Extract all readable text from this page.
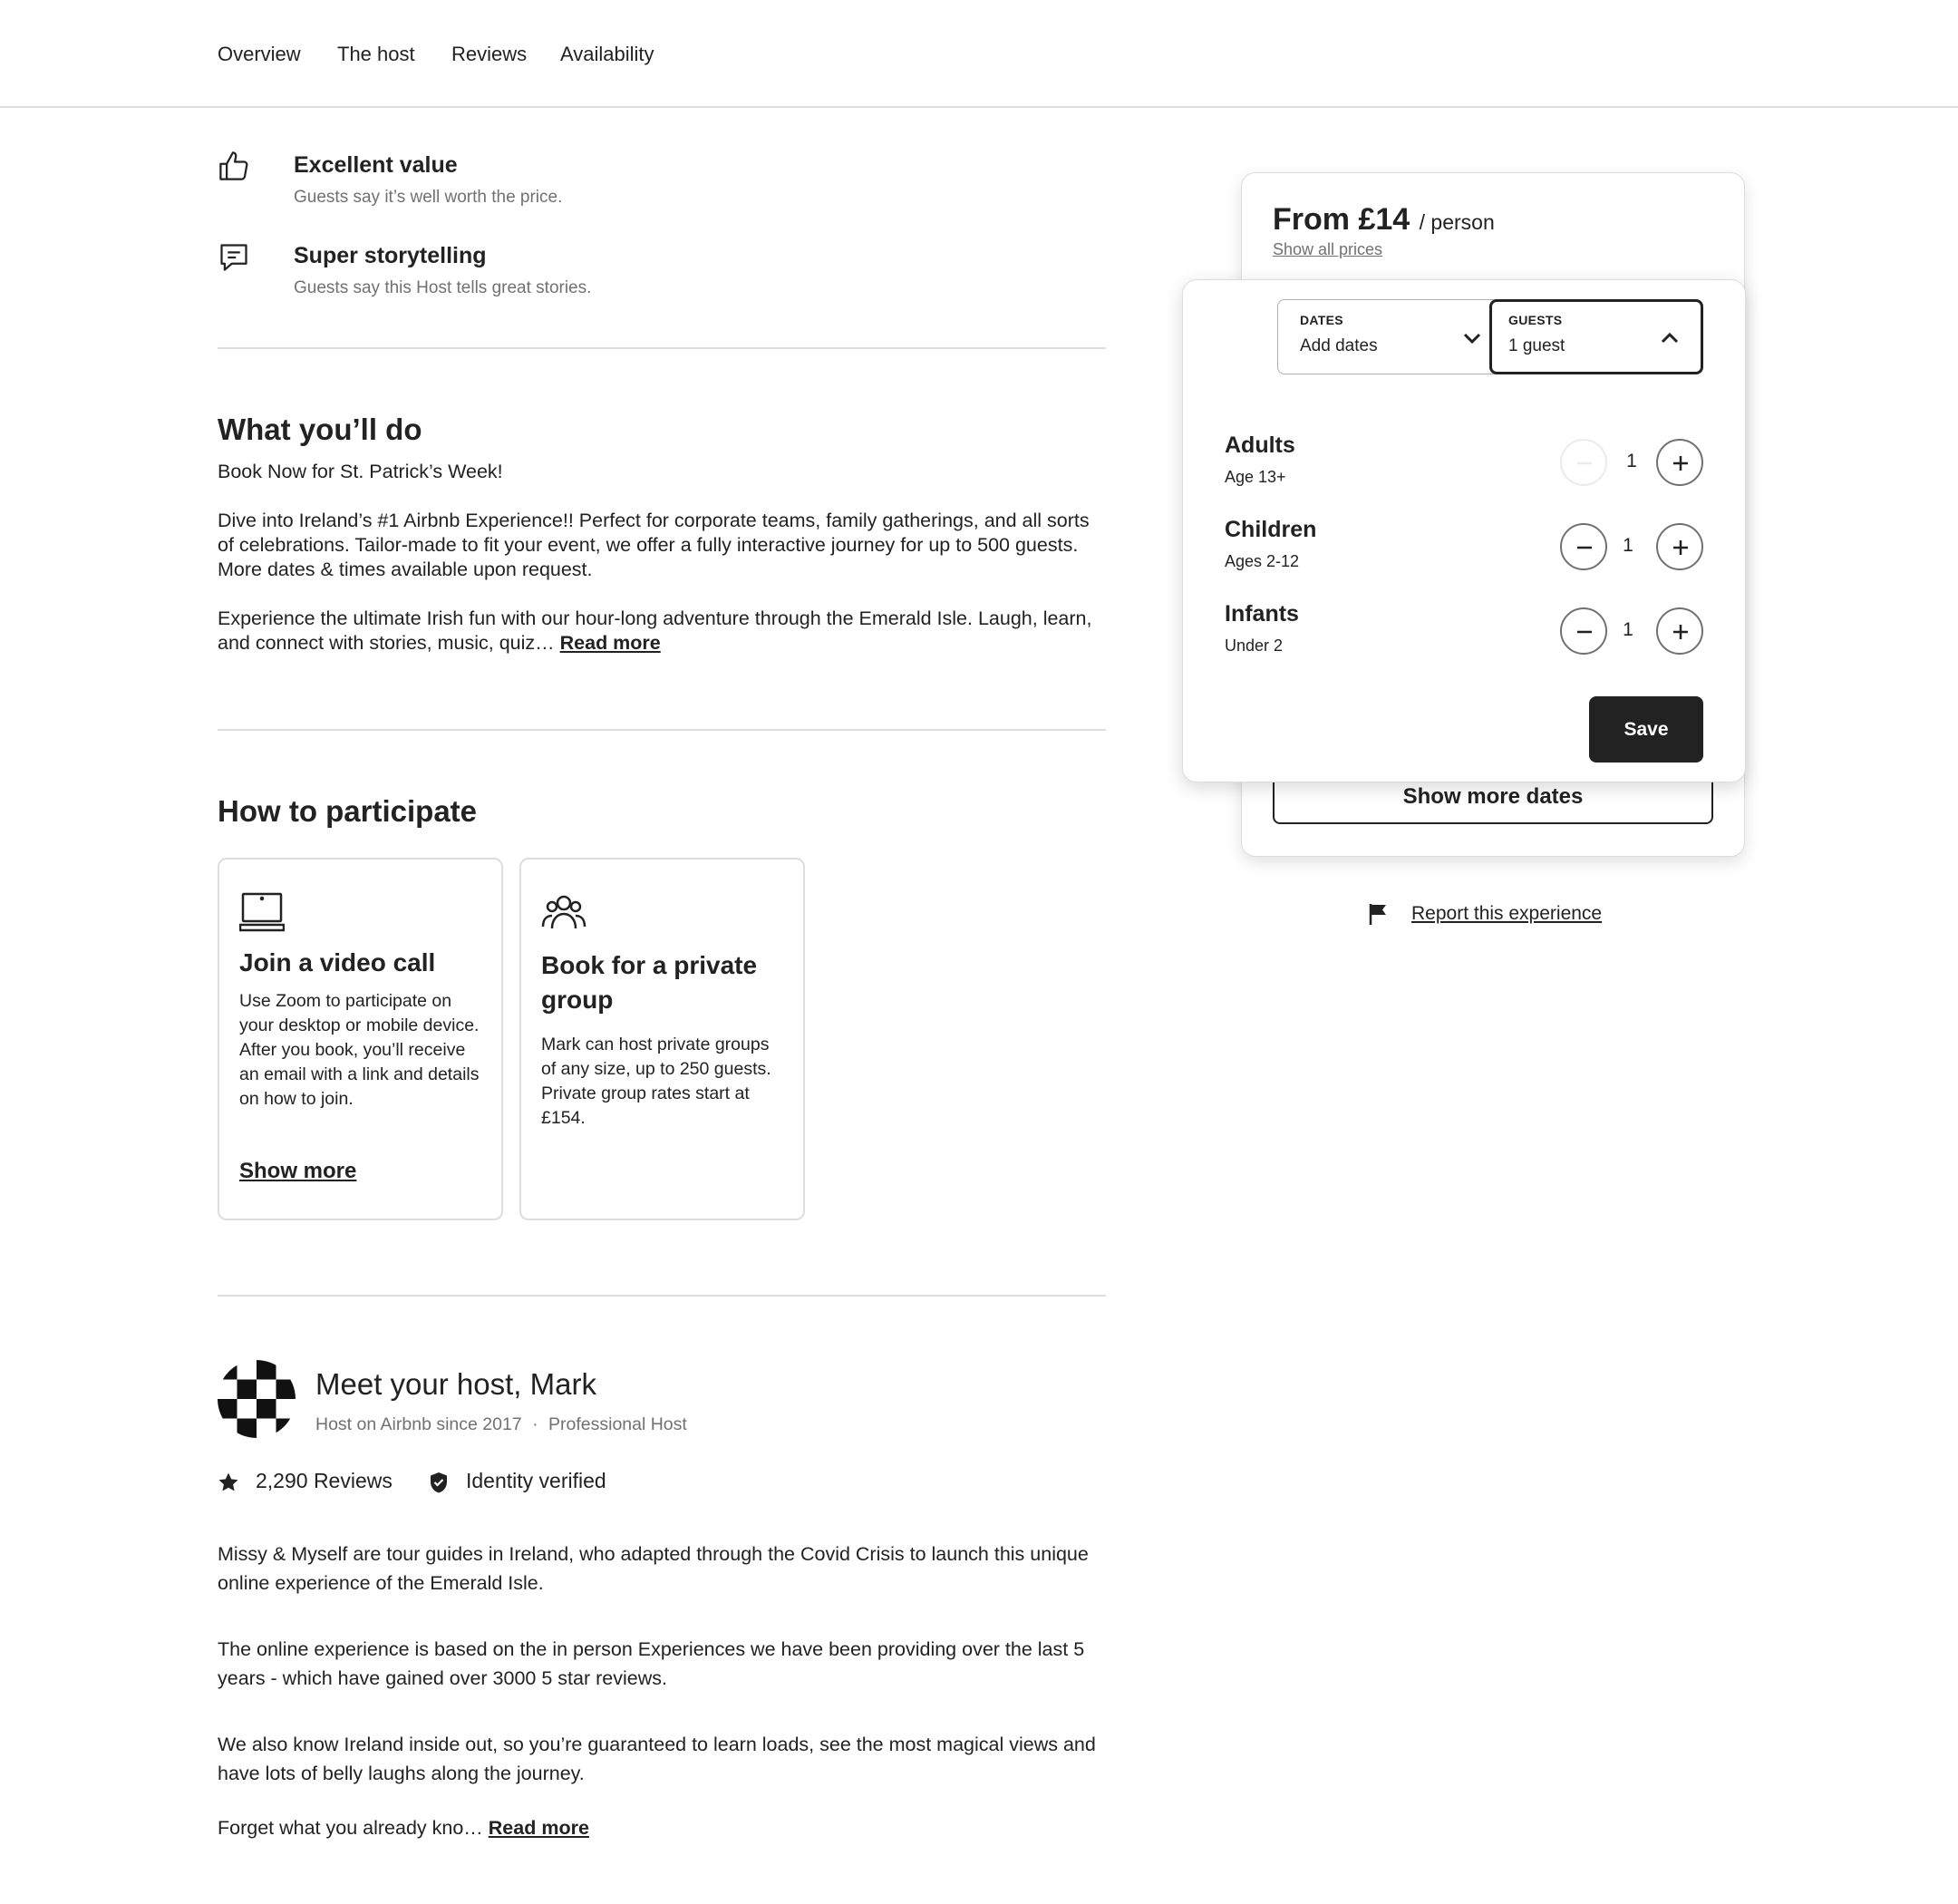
Overview The host Reviews Availability
Excellent value
Guests say it’s well worth the price.
Super storytelling
Guests say this Host tells great stories.
What you’ll do
Book Now for St. Patrick’s Week!
Dive into Ireland’s #1 Airbnb Experience!! Perfect for corporate teams, family gatherings, and all sorts of celebrations. Tailor-made to fit your event, we offer a fully interactive journey for up to 500 guests. More dates & times available upon request.
Experience the ultimate Irish fun with our hour-long adventure through the Emerald Isle. Laugh, learn, and connect with stories, music, quiz… Read more
How to participate
Join a video call
Use Zoom to participate on your desktop or mobile device. After you book, you’ll receive an email with a link and details on how to join.
Show more
Book for a private group
Mark can host private groups of any size, up to 250 guests. Private group rates start at £154.
Meet your host, Mark
Host on Airbnb since 2017 · Professional Host
2,290 Reviews	Identity verified
Missy & Myself are tour guides in Ireland, who adapted through the Covid Crisis to launch this unique online experience of the Emerald Isle.
The online experience is based on the in person Experiences we have been providing over the last 5 years - which have gained over 3000 5 star reviews.
We also know Ireland inside out, so you’re guaranteed to learn loads, see the most magical views and have lots of belly laughs along the journey.
Forget what you already kno… Read more
From £14 / person
Show all prices
Show more dates
Report this experience
DATES
Add dates
GUESTS
1 guest
Adults
Age 13+
1
Children
Ages 2-12
1
Infants
Under 2
1
Save
